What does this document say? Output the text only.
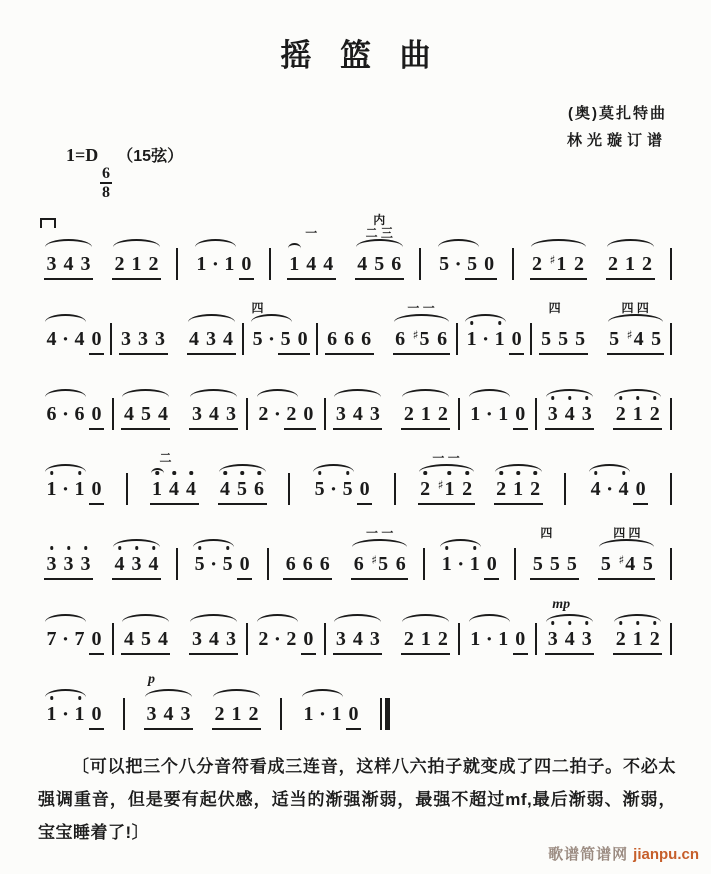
摇 篮 曲
(奥)莫扎特曲
林光璇订谱
1=D （15弦）
6
8
3 4 3 2 1 2 1 · 1 0 1 4 4
一
4 5 6
二 三
内
5 · 5 0 2 ♯1 2 2 1 2
4 · 4 0 3 3 3 4 3 4 5 · 5 0
四
6 6 6 6 ♯5 6
一 一
1 · 1 0 5 5 5
四
5 ♯4 5
四 四
6 · 6 0 4 5 4 3 4 3 2 · 2 0 3 4 3 2 1 2 1 · 1 0 3 4 3 2 1 2
1 · 1 0	1 4 4
二
4 5 6	5 · 5 0	2 ♯1 2
一 一
2 1 2	4 · 4 0
3 3 3 4 3 4 5 · 5 0 6 6 6 6 ♯5 6
一 一
1 · 1 0 5 5 5
四
5 ♯4 5
四 四
7 · 7 0 4 5 4 3 4 3 2 · 2 0 3 4 3 2 1 2 1 · 1 0 3 4 3
mp
2 1 2
1 · 1 0 3 4 3
p
2 1 2 1 · 1 0
〔可以把三个八分音符看成三连音，这样八六拍子就变成了四二拍子。不必太强调重音，但是要有起伏感，适当的渐强渐弱，最强不超过mf,最后渐弱、渐弱，宝宝睡着了!〕
歌谱简谱网 jianpu.cn
